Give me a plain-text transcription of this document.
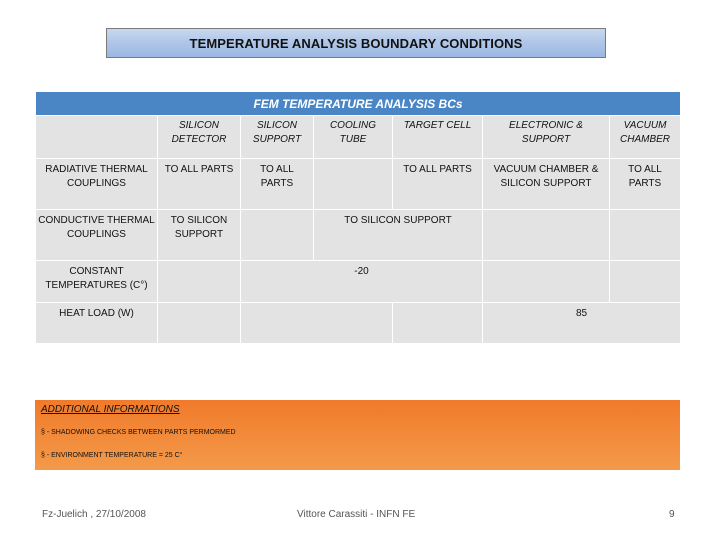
TEMPERATURE ANALYSIS BOUNDARY CONDITIONS
FEM TEMPERATURE ANALYSIS BCs						
	SILICON DETECTOR	SILICON SUPPORT	COOLING TUBE	TARGET CELL	ELECTRONIC & SUPPORT	VACUUM CHAMBER
RADIATIVE THERMAL COUPLINGS	TO ALL PARTS	TO ALL PARTS		TO ALL PARTS	VACUUM CHAMBER & SILICON SUPPORT	TO ALL PARTS
CONDUCTIVE THERMAL COUPLINGS	TO SILICON SUPPORT		TO SILICON SUPPORT			
CONSTANT TEMPERATURES (C°)		-20				
HEAT LOAD (W)					85	
ADDITIONAL INFORMATIONS
§ - SHADOWING CHECKS BETWEEN PARTS PERMORMED
§ - ENVIRONMENT TEMPERATURE = 25 C°
Fz-Juelich , 27/10/2008	Vittore Carassiti - INFN FE	9
